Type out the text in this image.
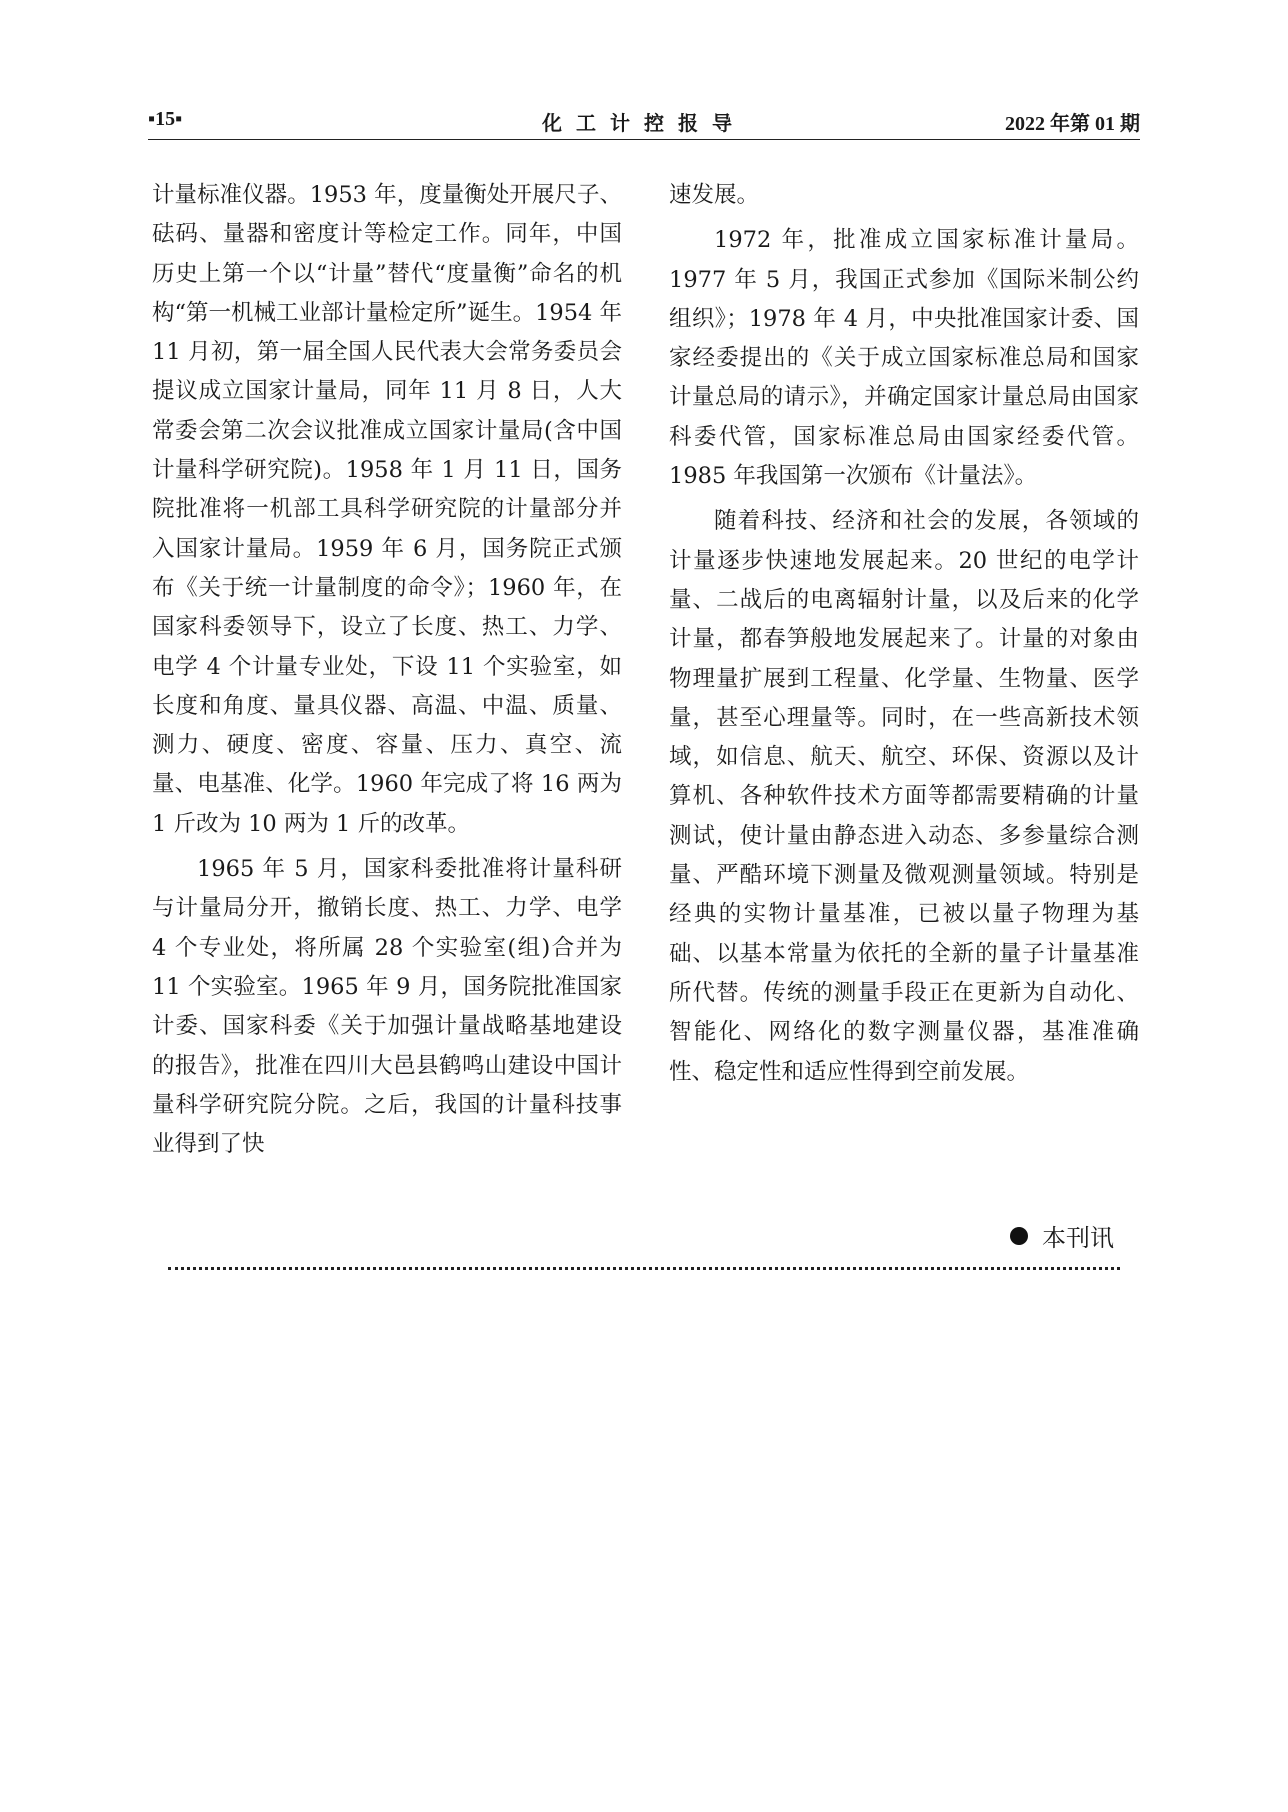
▪15▪	化工计控报导	2022 年第 01 期

计量标准仪器。1953 年，度量衡处开展尺子、砝码、量器和密度计等检定工作。同年，中国历史上第一个以“计量”替代“度量衡”命名的机构“第一机械工业部计量检定所”诞生。1954 年 11 月初，第一届全国人民代表大会常务委员会提议成立国家计量局，同年 11 月 8 日，人大常委会第二次会议批准成立国家计量局(含中国计量科学研究院)。1958 年 1 月 11 日，国务院批准将一机部工具科学研究院的计量部分并入国家计量局。1959 年 6 月，国务院正式颁布《关于统一计量制度的命令》；1960 年，在国家科委领导下，设立了长度、热工、力学、电学 4 个计量专业处，下设 11 个实验室，如长度和角度、量具仪器、高温、中温、质量、测力、硬度、密度、容量、压力、真空、流量、电基准、化学。1960 年完成了将 16 两为 1 斤改为 10 两为 1 斤的改革。

1965 年 5 月，国家科委批准将计量科研与计量局分开，撤销长度、热工、力学、电学 4 个专业处，将所属 28 个实验室(组)合并为 11 个实验室。1965 年 9 月，国务院批准国家计委、国家科委《关于加强计量战略基地建设的报告》，批准在四川大邑县鹤鸣山建设中国计量科学研究院分院。之后，我国的计量科技事业得到了快

速发展。

1972 年，批准成立国家标准计量局。1977 年 5 月，我国正式参加《国际米制公约组织》；1978 年 4 月，中央批准国家计委、国家经委提出的《关于成立国家标准总局和国家计量总局的请示》，并确定国家计量总局由国家科委代管，国家标准总局由国家经委代管。1985 年我国第一次颁布《计量法》。

随着科技、经济和社会的发展，各领域的计量逐步快速地发展起来。20 世纪的电学计量、二战后的电离辐射计量，以及后来的化学计量，都春笋般地发展起来了。计量的对象由物理量扩展到工程量、化学量、生物量、医学量，甚至心理量等。同时，在一些高新技术领域，如信息、航天、航空、环保、资源以及计算机、各种软件技术方面等都需要精确的计量测试，使计量由静态进入动态、多参量综合测量、严酷环境下测量及微观测量领域。特别是经典的实物计量基准，已被以量子物理为基础、以基本常量为依托的全新的量子计量基准所代替。传统的测量手段正在更新为自动化、智能化、网络化的数字测量仪器，基准准确性、稳定性和适应性得到空前发展。

本刊讯
